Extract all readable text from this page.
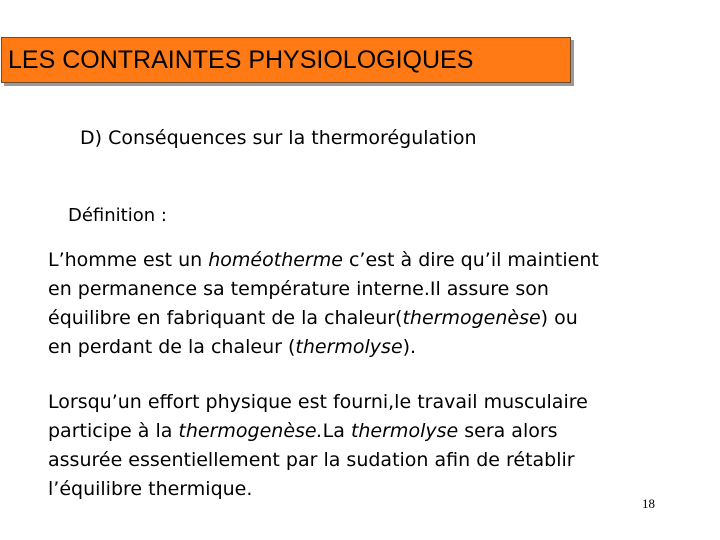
LES CONTRAINTES PHYSIOLOGIQUES
D) Conséquences sur la thermorégulation
Définition :
L’homme est un homéotherme c’est à dire qu’il maintient
en permanence sa température interne.Il assure son
équilibre en fabriquant de la chaleur(thermogenèse) ou
en perdant de la chaleur (thermolyse).
Lorsqu’un effort physique est fourni,le travail musculaire
participe à la thermogenèse.La thermolyse sera alors
assurée essentiellement par la sudation afin de rétablir
l’équilibre thermique.
18
